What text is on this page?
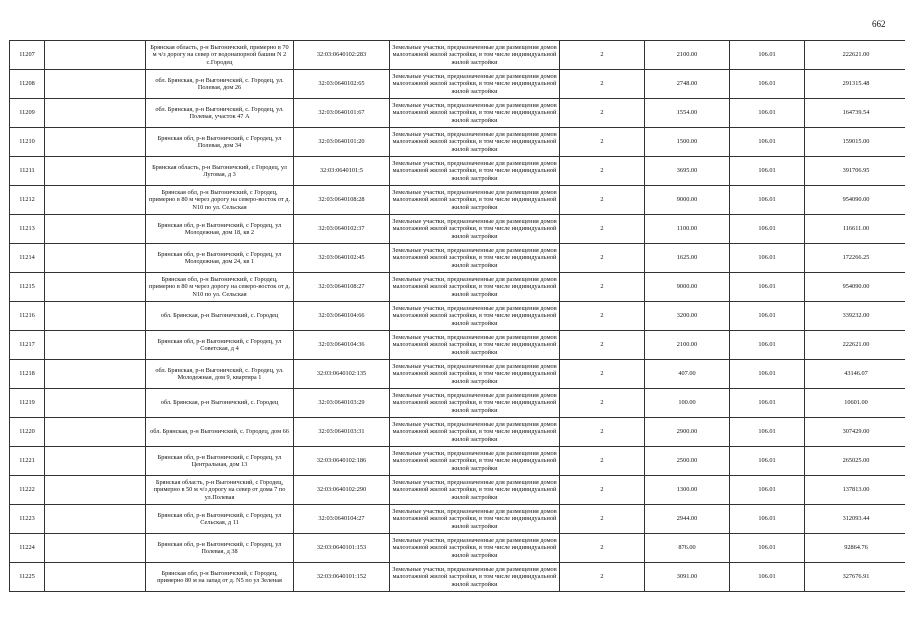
662
11207		Брянская область, р-н Выгоничский, примерно в 70 м ч/з дорогу на север от водонапорной башни N 2 с.Городец	32:03:0640102:283	Земельные участки, предназначенные для размещения домов малоэтажной жилой застройки, в том числе индивидуальной жилой застройки	2	2100.00	106.01	222621.00
11208		обл. Брянская, р-н Выгоничский, с. Городец, ул. Полевая, дом 26	32:03:0640102:65	Земельные участки, предназначенные для размещения домов малоэтажной жилой застройки, в том числе индивидуальной жилой застройки	2	2748.00	106.01	291315.48
11209		обл. Брянская, р-н Выгоничский, с. Городец, ул. Полевая, участок 47 А	32:03:0640101:67	Земельные участки, предназначенные для размещения домов малоэтажной жилой застройки, в том числе индивидуальной жилой застройки	2	1554.00	106.01	164739.54
11210		Брянская обл, р-н Выгоничский, с Городец, ул Полевая, дом 34	32:03:0640101:20	Земельные участки, предназначенные для размещения домов малоэтажной жилой застройки, в том числе индивидуальной жилой застройки	2	1500.00	106.01	159015.00
11211		Брянская область, р-н Выгоничский, с Городец, ул Луговая, д 3	32:03:0640101:5	Земельные участки, предназначенные для размещения домов малоэтажной жилой застройки, в том числе индивидуальной жилой застройки	2	3695.00	106.01	391706.95
11212		Брянская обл, р-н Выгоничский, с Городец, примерно в 80 м через дорогу на северо-восток от д. N10 по ул. Сельская	32:03:0640108:28	Земельные участки, предназначенные для размещения домов малоэтажной жилой застройки, в том числе индивидуальной жилой застройки	2	9000.00	106.01	954090.00
11213		Брянская обл, р-н Выгоничский, с Городец, ул Молодежная, дом 18, кв 2	32:03:0640102:37	Земельные участки, предназначенные для размещения домов малоэтажной жилой застройки, в том числе индивидуальной жилой застройки	2	1100.00	106.01	116611.00
11214		Брянская обл, р-н Выгоничский, с Городец, ул Молодежная, дом 24, кв 1	32:03:0640102:45	Земельные участки, предназначенные для размещения домов малоэтажной жилой застройки, в том числе индивидуальной жилой застройки	2	1625.00	106.01	172266.25
11215		Брянская обл, р-н Выгоничский, с Городец, примерно в 80 м через дорогу на северо-восток от д. N10 по ул. Сельская	32:03:0640108:27	Земельные участки, предназначенные для размещения домов малоэтажной жилой застройки, в том числе индивидуальной жилой застройки	2	9000.00	106.01	954090.00
11216		обл. Брянская, р-н Выгоничский, с. Городец	32:03:0640104:66	Земельные участки, предназначенные для размещения домов малоэтажной жилой застройки, в том числе индивидуальной жилой застройки	2	3200.00	106.01	339232.00
11217		Брянская обл, р-н Выгоничский, с Городец, ул Советская, д 4	32:03:0640104:36	Земельные участки, предназначенные для размещения домов малоэтажной жилой застройки, в том числе индивидуальной жилой застройки	2	2100.00	106.01	222621.00
11218		обл. Брянская, р-н Выгоничский, с. Городец, ул. Молодежная, дом 9, квартира 1	32:03:0640102:135	Земельные участки, предназначенные для размещения домов малоэтажной жилой застройки, в том числе индивидуальной жилой застройки	2	407.00	106.01	43146.07
11219		обл. Брянская, р-н Выгоничский, с. Городец	32:03:0640103:29	Земельные участки, предназначенные для размещения домов малоэтажной жилой застройки, в том числе индивидуальной жилой застройки	2	100.00	106.01	10601.00
11220		обл. Брянская, р-н Выгоничский, с. Городец, дом 66	32:03:0640103:31	Земельные участки, предназначенные для размещения домов малоэтажной жилой застройки, в том числе индивидуальной жилой застройки	2	2900.00	106.01	307429.00
11221		Брянская обл, р-н Выгоничский, с Городец, ул Центральная, дом 13	32:03:0640102:186	Земельные участки, предназначенные для размещения домов малоэтажной жилой застройки, в том числе индивидуальной жилой застройки	2	2500.00	106.01	265025.00
11222		Брянская область, р-н Выгоничский, с Городец, примерно в 50 м ч/з дорогу на север от дома 7 по ул.Полевая	32:03:0640102:290	Земельные участки, предназначенные для размещения домов малоэтажной жилой застройки, в том числе индивидуальной жилой застройки	2	1300.00	106.01	137813.00
11223		Брянская обл, р-н Выгоничский, с Городец, ул Сельская, д 11	32:03:0640104:27	Земельные участки, предназначенные для размещения домов малоэтажной жилой застройки, в том числе индивидуальной жилой застройки	2	2944.00	106.01	312093.44
11224		Брянская обл, р-н Выгоничский, с Городец, ул Полевая, д 38	32:03:0640101:153	Земельные участки, предназначенные для размещения домов малоэтажной жилой застройки, в том числе индивидуальной жилой застройки	2	876.00	106.01	92864.76
11225		Брянская обл, р-н Выгоничский, с Городец, примерно 80 м на запад от д. N5 по ул Зеленая	32:03:0640101:152	Земельные участки, предназначенные для размещения домов малоэтажной жилой застройки, в том числе индивидуальной жилой застройки	2	3091.00	106.01	327676.91
